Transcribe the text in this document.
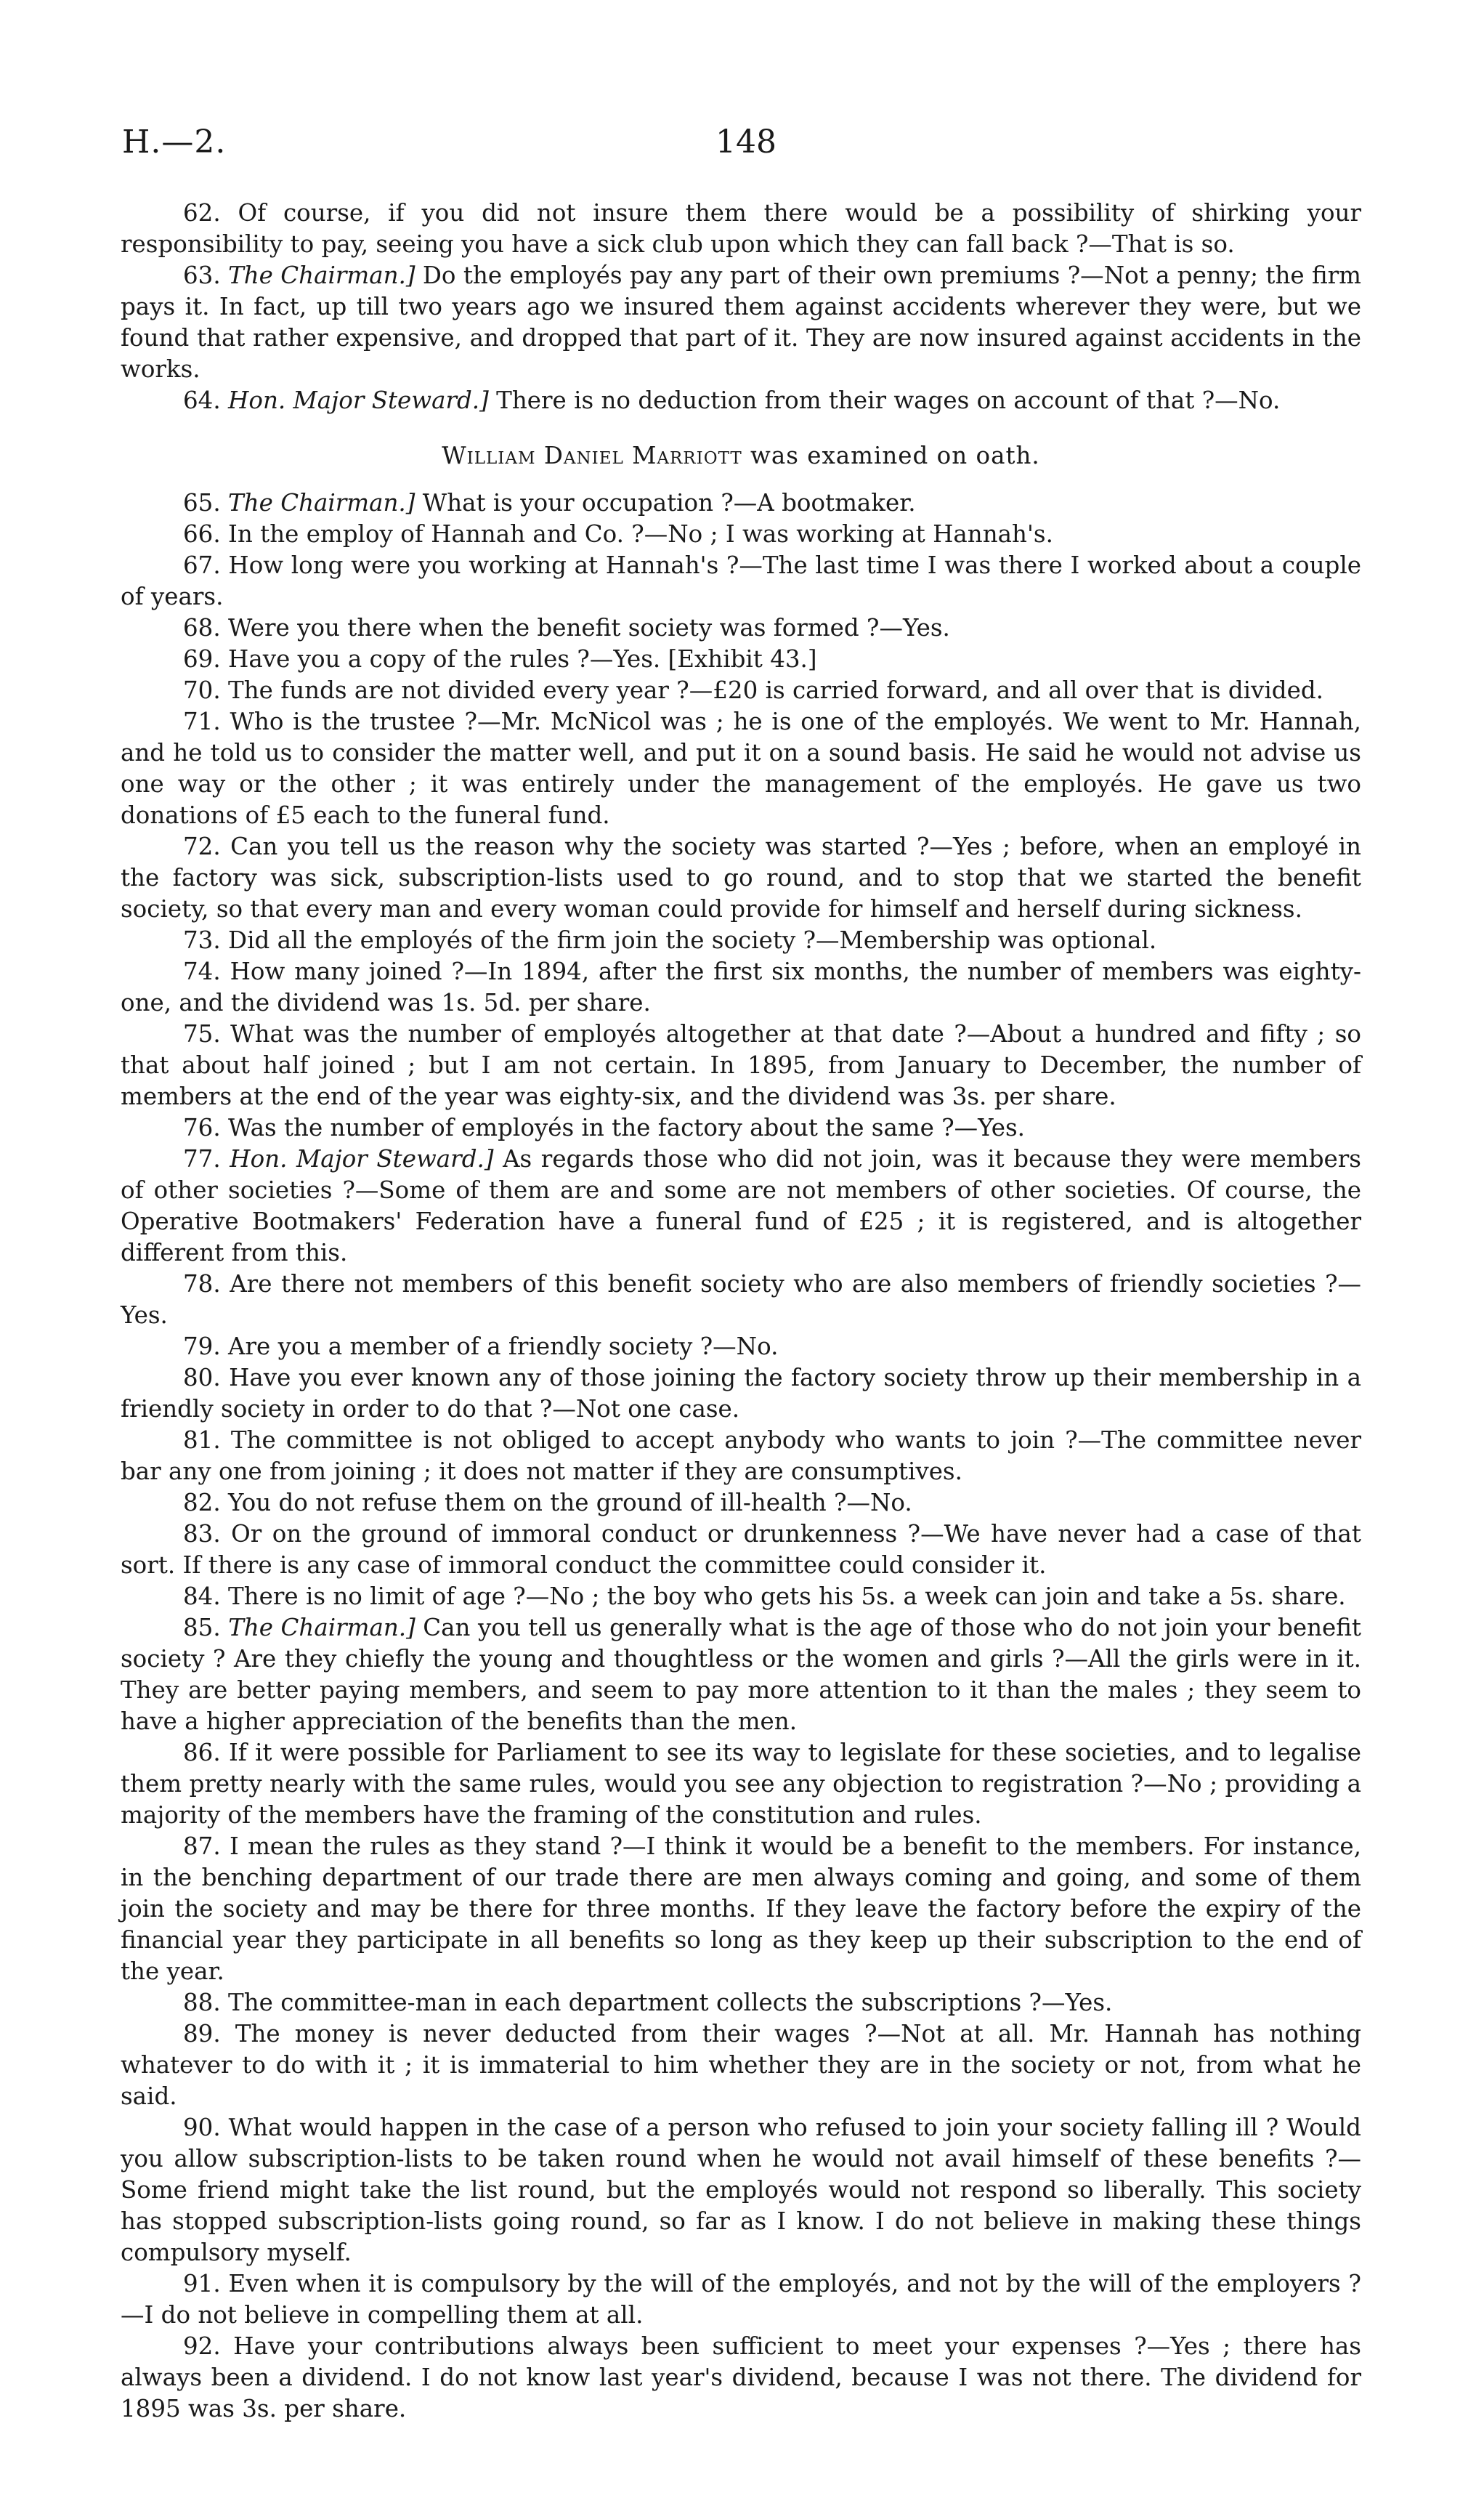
H.—2.	148

62. Of course, if you did not insure them there would be a possibility of shirking your responsibility to pay, seeing you have a sick club upon which they can fall back ?—That is so.

63. The Chairman.] Do the employés pay any part of their own premiums ?—Not a penny; the firm pays it. In fact, up till two years ago we insured them against accidents wherever they were, but we found that rather expensive, and dropped that part of it. They are now insured against accidents in the works.

64. Hon. Major Steward.] There is no deduction from their wages on account of that ?—No.

William Daniel Marriott was examined on oath.

65. The Chairman.] What is your occupation ?—A bootmaker.

66. In the employ of Hannah and Co. ?—No ; I was working at Hannah's.

67. How long were you working at Hannah's ?—The last time I was there I worked about a couple of years.

68. Were you there when the benefit society was formed ?—Yes.

69. Have you a copy of the rules ?—Yes. [Exhibit 43.]

70. The funds are not divided every year ?—£20 is carried forward, and all over that is divided.

71. Who is the trustee ?—Mr. McNicol was ; he is one of the employés. We went to Mr. Hannah, and he told us to consider the matter well, and put it on a sound basis. He said he would not advise us one way or the other ; it was entirely under the management of the employés. He gave us two donations of £5 each to the funeral fund.

72. Can you tell us the reason why the society was started ?—Yes ; before, when an employé in the factory was sick, subscription-lists used to go round, and to stop that we started the benefit society, so that every man and every woman could provide for himself and herself during sickness.

73. Did all the employés of the firm join the society ?—Membership was optional.

74. How many joined ?—In 1894, after the first six months, the number of members was eighty-one, and the dividend was 1s. 5d. per share.

75. What was the number of employés altogether at that date ?—About a hundred and fifty ; so that about half joined ; but I am not certain. In 1895, from January to December, the number of members at the end of the year was eighty-six, and the dividend was 3s. per share.

76. Was the number of employés in the factory about the same ?—Yes.

77. Hon. Major Steward.] As regards those who did not join, was it because they were members of other societies ?—Some of them are and some are not members of other societies. Of course, the Operative Bootmakers' Federation have a funeral fund of £25 ; it is registered, and is altogether different from this.

78. Are there not members of this benefit society who are also members of friendly societies ?—Yes.

79. Are you a member of a friendly society ?—No.

80. Have you ever known any of those joining the factory society throw up their membership in a friendly society in order to do that ?—Not one case.

81. The committee is not obliged to accept anybody who wants to join ?—The committee never bar any one from joining ; it does not matter if they are consumptives.

82. You do not refuse them on the ground of ill-health ?—No.

83. Or on the ground of immoral conduct or drunkenness ?—We have never had a case of that sort. If there is any case of immoral conduct the committee could consider it.

84. There is no limit of age ?—No ; the boy who gets his 5s. a week can join and take a 5s. share.

85. The Chairman.] Can you tell us generally what is the age of those who do not join your benefit society ? Are they chiefly the young and thoughtless or the women and girls ?—All the girls were in it. They are better paying members, and seem to pay more attention to it than the males ; they seem to have a higher appreciation of the benefits than the men.

86. If it were possible for Parliament to see its way to legislate for these societies, and to legalise them pretty nearly with the same rules, would you see any objection to registration ?—No ; providing a majority of the members have the framing of the constitution and rules.

87. I mean the rules as they stand ?—I think it would be a benefit to the members. For instance, in the benching department of our trade there are men always coming and going, and some of them join the society and may be there for three months. If they leave the factory before the expiry of the financial year they participate in all benefits so long as they keep up their subscription to the end of the year.

88. The committee-man in each department collects the subscriptions ?—Yes.

89. The money is never deducted from their wages ?—Not at all. Mr. Hannah has nothing whatever to do with it ; it is immaterial to him whether they are in the society or not, from what he said.

90. What would happen in the case of a person who refused to join your society falling ill ? Would you allow subscription-lists to be taken round when he would not avail himself of these benefits ?—Some friend might take the list round, but the employés would not respond so liberally. This society has stopped subscription-lists going round, so far as I know. I do not believe in making these things compulsory myself.

91. Even when it is compulsory by the will of the employés, and not by the will of the employers ?—I do not believe in compelling them at all.

92. Have your contributions always been sufficient to meet your expenses ?—Yes ; there has always been a dividend. I do not know last year's dividend, because I was not there. The dividend for 1895 was 3s. per share.
